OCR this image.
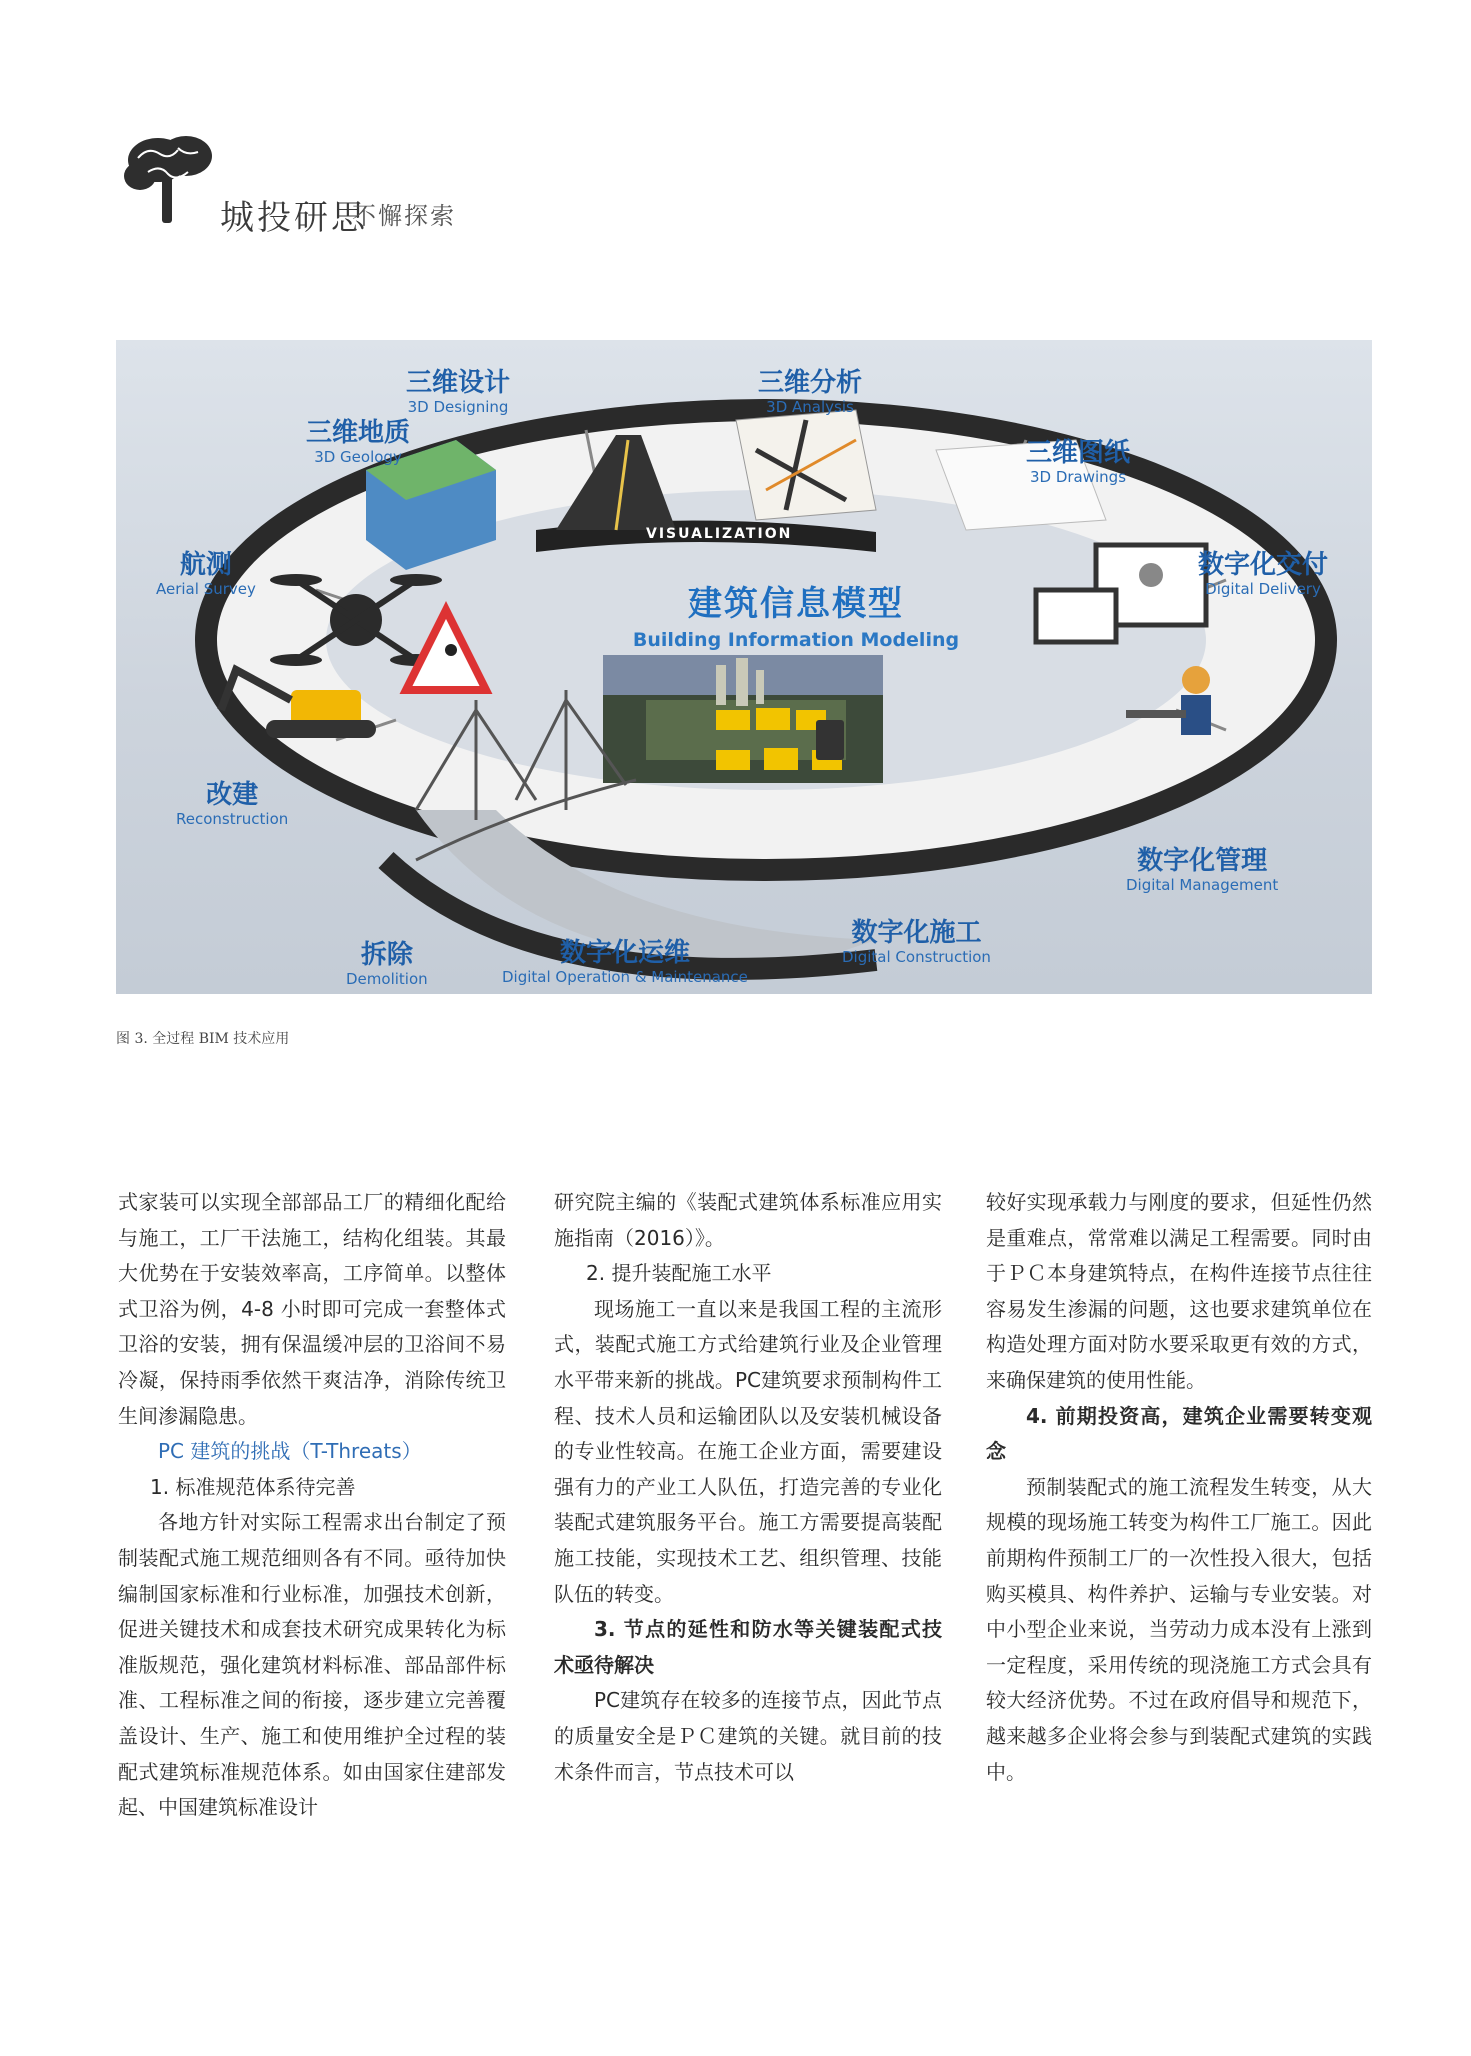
城投研思
不懈探索
建筑信息模型
Building Information Modeling
VISUALIZATION
三维设计
3D Designing
三维分析
3D Analysis
三维地质
3D Geology	三维图纸
3D Drawings
航测
Aerial Survey
数字化交付
Digital Delivery
改建
Reconstruction
数字化管理
Digital Management
拆除
Demolition
数字化运维
Digital Operation & Maintenance
数字化施工
Digital Construction
图 3. 全过程 BIM 技术应用

式家装可以实现全部部品工厂的精细化配给与施工，工厂干法施工，结构化组装。其最大优势在于安装效率高，工序简单。以整体式卫浴为例，4-8 小时即可完成一套整体式卫浴的安装，拥有保温缓冲层的卫浴间不易冷凝，保持雨季依然干爽洁净，消除传统卫生间渗漏隐患。

PC 建筑的挑战（T-Threats）

1. 标准规范体系待完善

各地方针对实际工程需求出台制定了预制装配式施工规范细则各有不同。亟待加快编制国家标准和行业标准，加强技术创新，促进关键技术和成套技术研究成果转化为标准版规范，强化建筑材料标准、部品部件标准、工程标准之间的衔接，逐步建立完善覆盖设计、生产、施工和使用维护全过程的装配式建筑标准规范体系。如由国家住建部发起、中国建筑标准设计

研究院主编的《装配式建筑体系标准应用实施指南（2016）》。

2. 提升装配施工水平

现场施工一直以来是我国工程的主流形式，装配式施工方式给建筑行业及企业管理水平带来新的挑战。PC建筑要求预制构件工程、技术人员和运输团队以及安装机械设备的专业性较高。在施工企业方面，需要建设强有力的产业工人队伍，打造完善的专业化装配式建筑服务平台。施工方需要提高装配施工技能，实现技术工艺、组织管理、技能队伍的转变。

3. 节点的延性和防水等关键装配式技术亟待解决

PC建筑存在较多的连接节点，因此节点的质量安全是ＰＣ建筑的关键。就目前的技术条件而言，节点技术可以

较好实现承载力与刚度的要求，但延性仍然是重难点，常常难以满足工程需要。同时由于ＰＣ本身建筑特点，在构件连接节点往往容易发生渗漏的问题，这也要求建筑单位在构造处理方面对防水要采取更有效的方式，来确保建筑的使用性能。

4. 前期投资高，建筑企业需要转变观念

预制装配式的施工流程发生转变，从大规模的现场施工转变为构件工厂施工。因此前期构件预制工厂的一次性投入很大，包括购买模具、构件养护、运输与专业安装。对中小型企业来说，当劳动力成本没有上涨到一定程度，采用传统的现浇施工方式会具有较大经济优势。不过在政府倡导和规范下，越来越多企业将会参与到装配式建筑的实践中。
